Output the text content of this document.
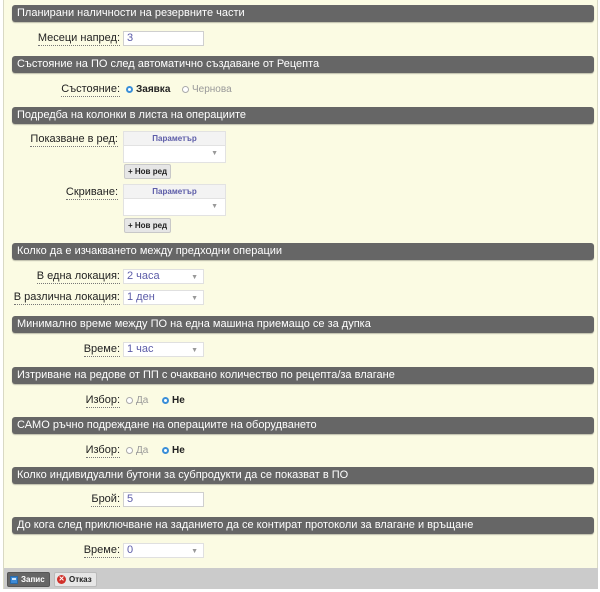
Планирани наличности на резервните части
Месеци напред: 3
Състояние на ПО след автоматично създаване от Рецепта
Състояние: Заявка Чернова
Подредба на колонки в листа на операциите
Показване в ред:	Параметър
▼
+ Нов ред
Скриване:	Параметър
▼
+ Нов ред
Колко да е изчакването между предходни операции
В една локация: 2 часа	▼
В различна локация: 1 ден	▼
Минимално време между ПО на една машина приемащо се за дупка
Време: 1 час	▼
Изтриване на редове от ПП с очаквано количество по рецепта/за влагане
Избор: Да Не
САМО ръчно подреждане на операциите на оборудването
Избор: Да Не
Колко индивидуални бутони за субпродукти да се показват в ПО
Брой: 5
До кога след приключване на заданието да се контират протоколи за влагане и връщане
Време: 0	▼
Запис ✕ Отказ
